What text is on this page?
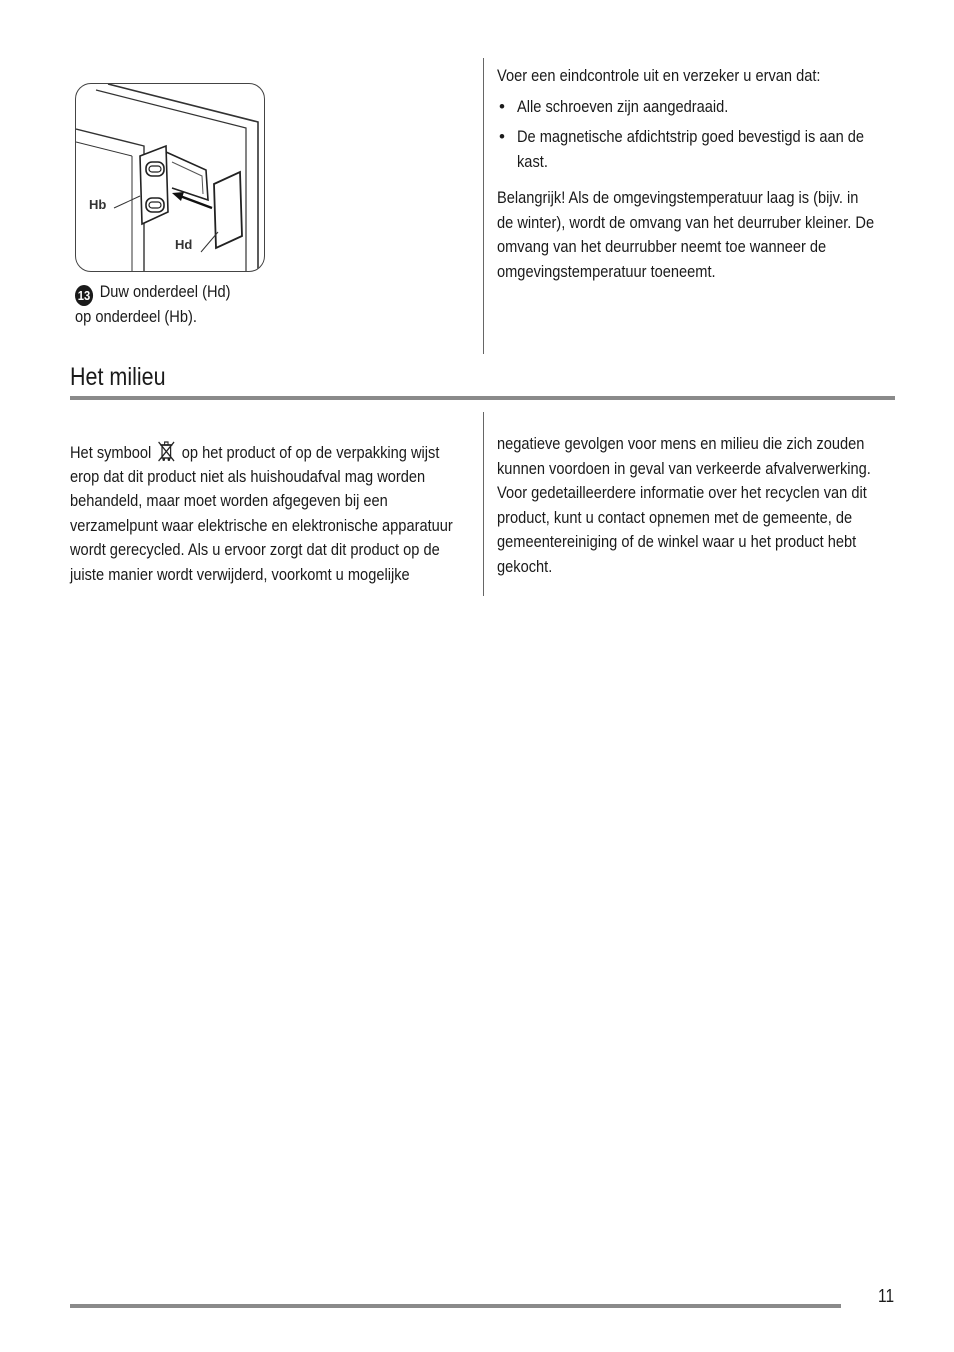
Hb
Hd
13 Duw onderdeel (Hd)
op onderdeel (Hb).
Voer een eindcontrole uit en verzeker u ervan dat:
• Alle schroeven zijn aangedraaid.
• De magnetische afdichtstrip goed bevestigd is aan de
kast.
Belangrijk! Als de omgevingstemperatuur laag is (bijv. in
de winter), wordt de omvang van het deurruber kleiner. De
omvang van het deurrubber neemt toe wanneer de
omgevingstemperatuur toeneemt.
Het milieu
Het symbool op het product of op de verpakking wijst
erop dat dit product niet als huishoudafval mag worden
behandeld, maar moet worden afgegeven bij een
verzamelpunt waar elektrische en elektronische apparatuur
wordt gerecycled. Als u ervoor zorgt dat dit product op de
juiste manier wordt verwijderd, voorkomt u mogelijke
negatieve gevolgen voor mens en milieu die zich zouden
kunnen voordoen in geval van verkeerde afvalverwerking.
Voor gedetailleerdere informatie over het recyclen van dit
product, kunt u contact opnemen met de gemeente, de
gemeentereiniging of de winkel waar u het product hebt
gekocht.
11
